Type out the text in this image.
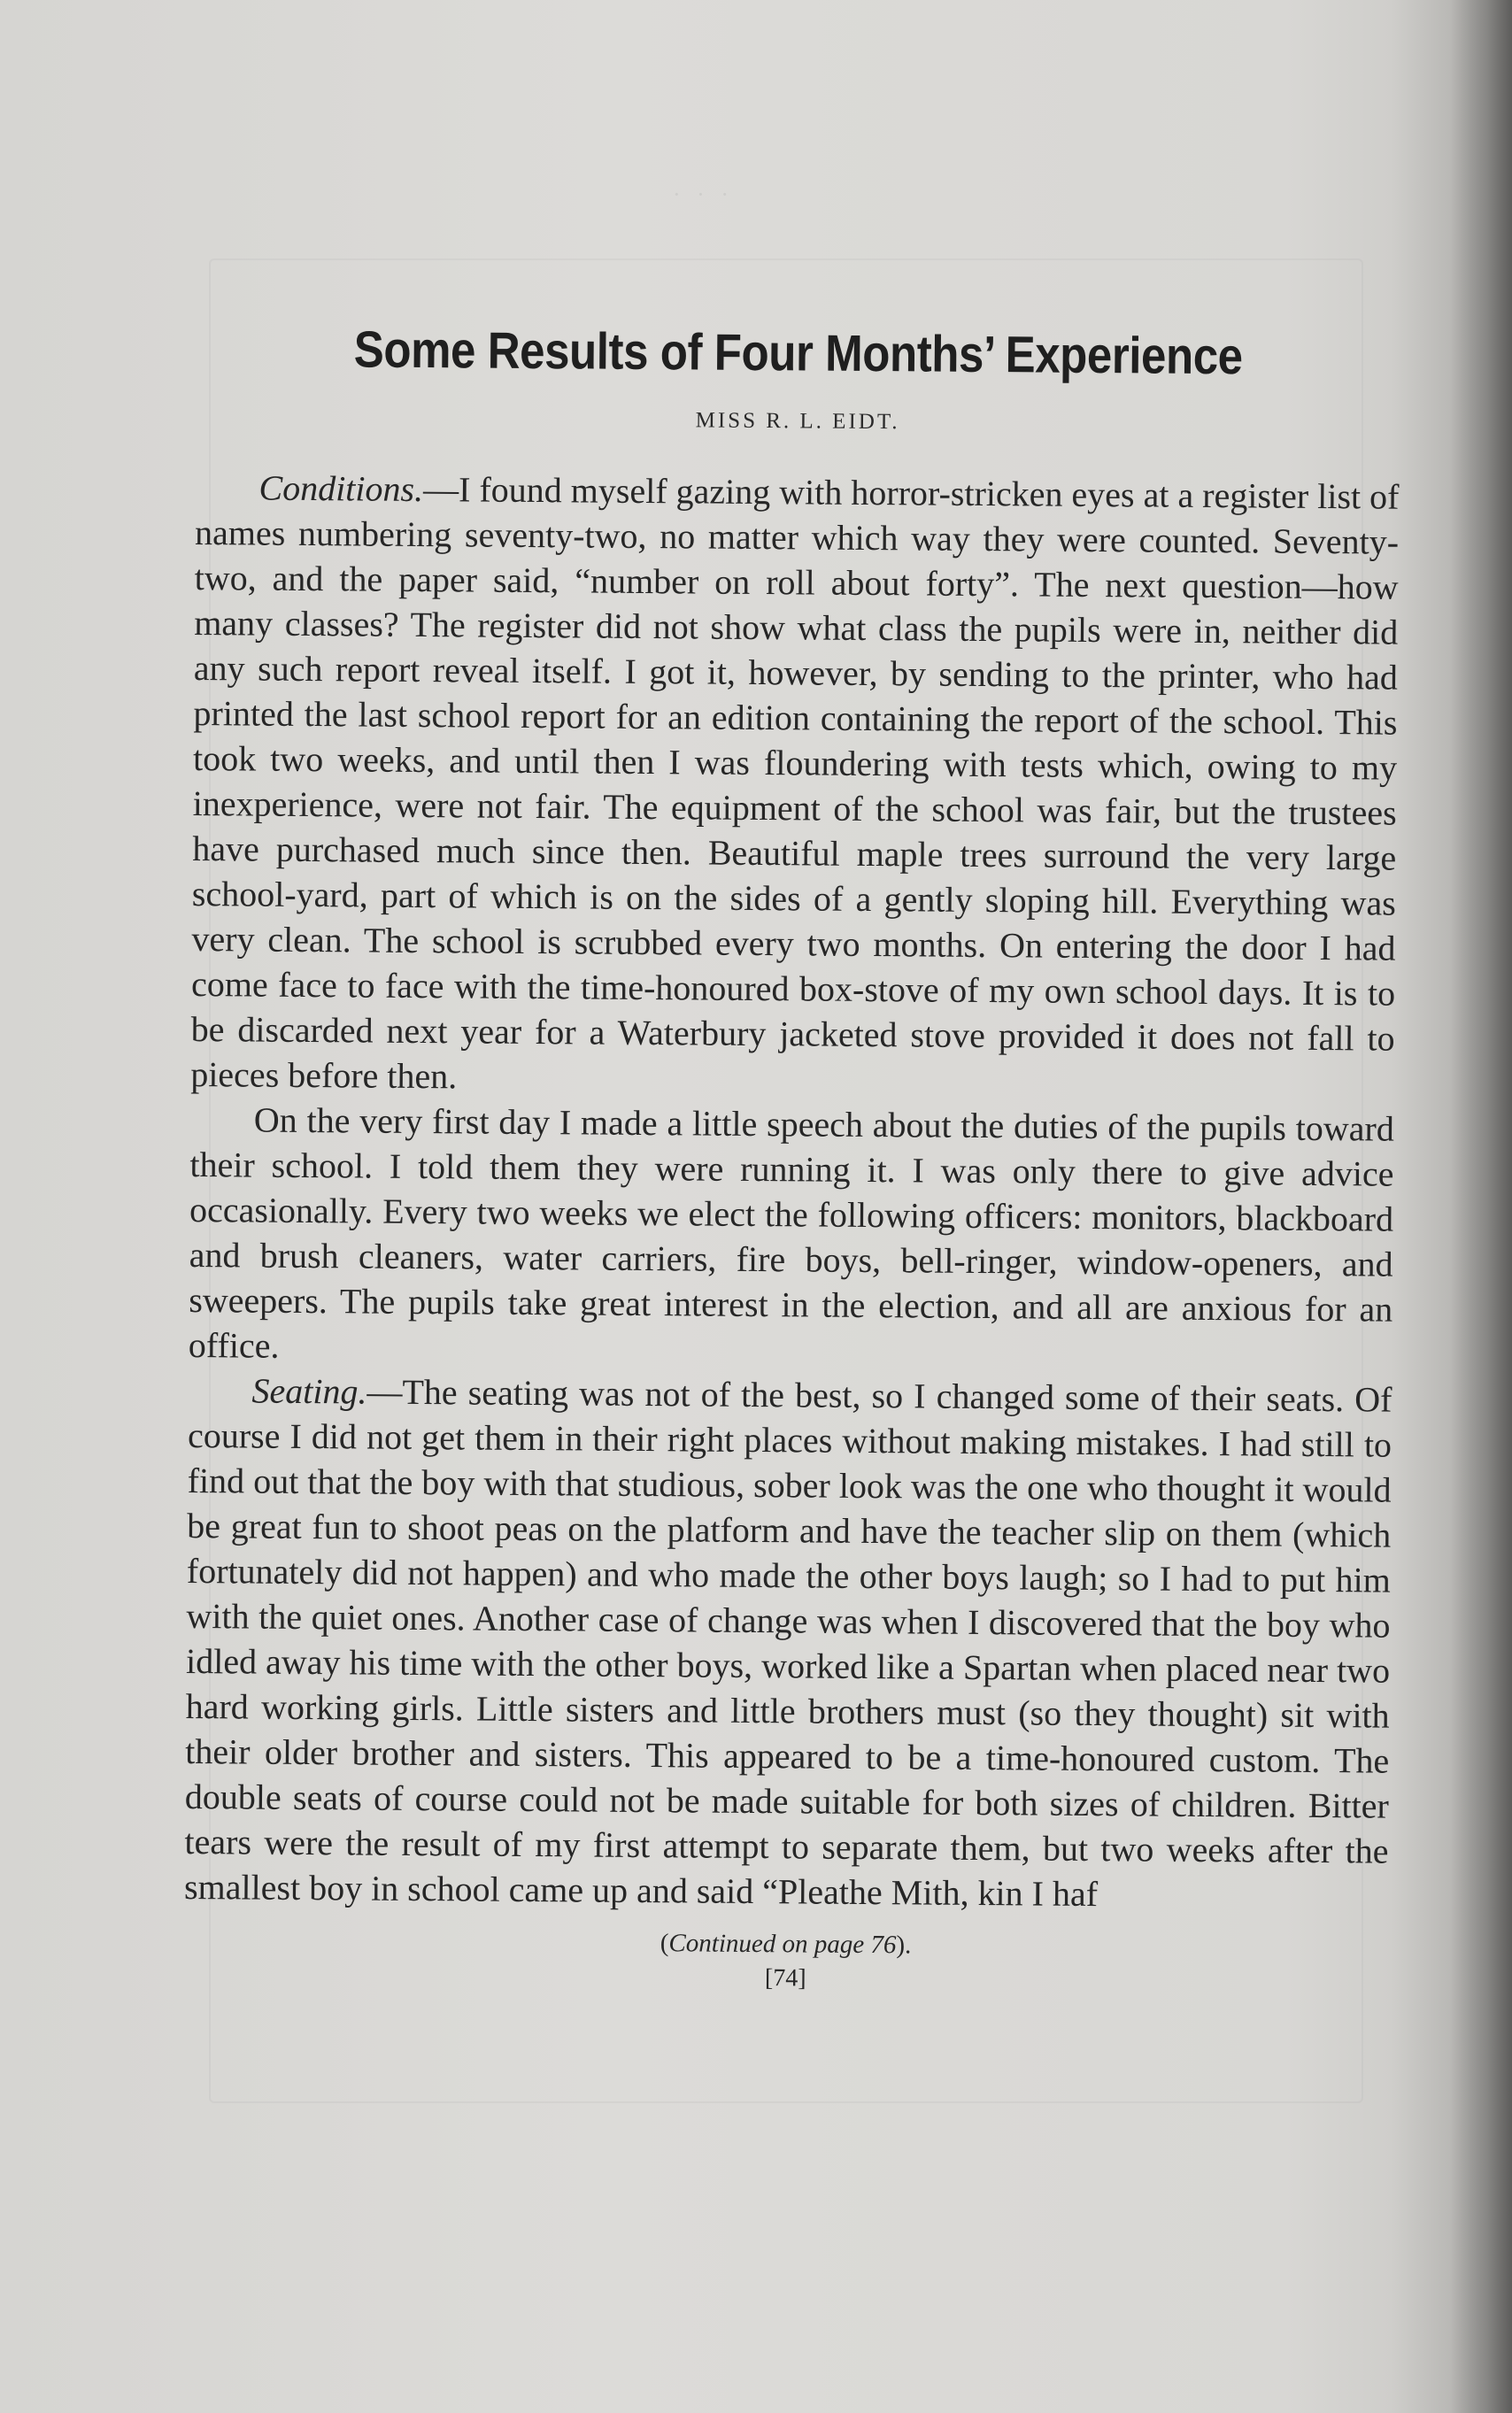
· · ·
Some Results of Four Months’ Experience
MISS R. L. EIDT.

Conditions.—I found myself gazing with horror-stricken eyes at a register list of names numbering seventy-two, no matter which way they were counted. Seventy-two, and the paper said, “number on roll about forty”. The next question—how many classes? The register did not show what class the pupils were in, neither did any such report reveal itself. I got it, however, by sending to the printer, who had printed the last school report for an edition containing the report of the school. This took two weeks, and until then I was floundering with tests which, owing to my inexperience, were not fair. The equipment of the school was fair, but the trustees have purchased much since then. Beautiful maple trees surround the very large school-yard, part of which is on the sides of a gently sloping hill. Everything was very clean. The school is scrubbed every two months. On entering the door I had come face to face with the time-honoured box-stove of my own school days. It is to be discarded next year for a Waterbury jacketed stove provided it does not fall to pieces before then.

On the very first day I made a little speech about the duties of the pupils toward their school. I told them they were running it. I was only there to give advice occasionally. Every two weeks we elect the following officers: monitors, blackboard and brush cleaners, water carriers, fire boys, bell-ringer, window-openers, and sweepers. The pupils take great interest in the election, and all are anxious for an office.

Seating.—The seating was not of the best, so I changed some of their seats. Of course I did not get them in their right places without making mistakes. I had still to find out that the boy with that studious, sober look was the one who thought it would be great fun to shoot peas on the platform and have the teacher slip on them (which fortunately did not happen) and who made the other boys laugh; so I had to put him with the quiet ones. Another case of change was when I discovered that the boy who idled away his time with the other boys, worked like a Spartan when placed near two hard working girls. Little sisters and little brothers must (so they thought) sit with their older brother and sisters. This appeared to be a time-honoured custom. The double seats of course could not be made suitable for both sizes of children. Bitter tears were the result of my first attempt to separate them, but two weeks after the smallest boy in school came up and said “Pleathe Mith, kin I haf

(Continued on page 76).
[74]
